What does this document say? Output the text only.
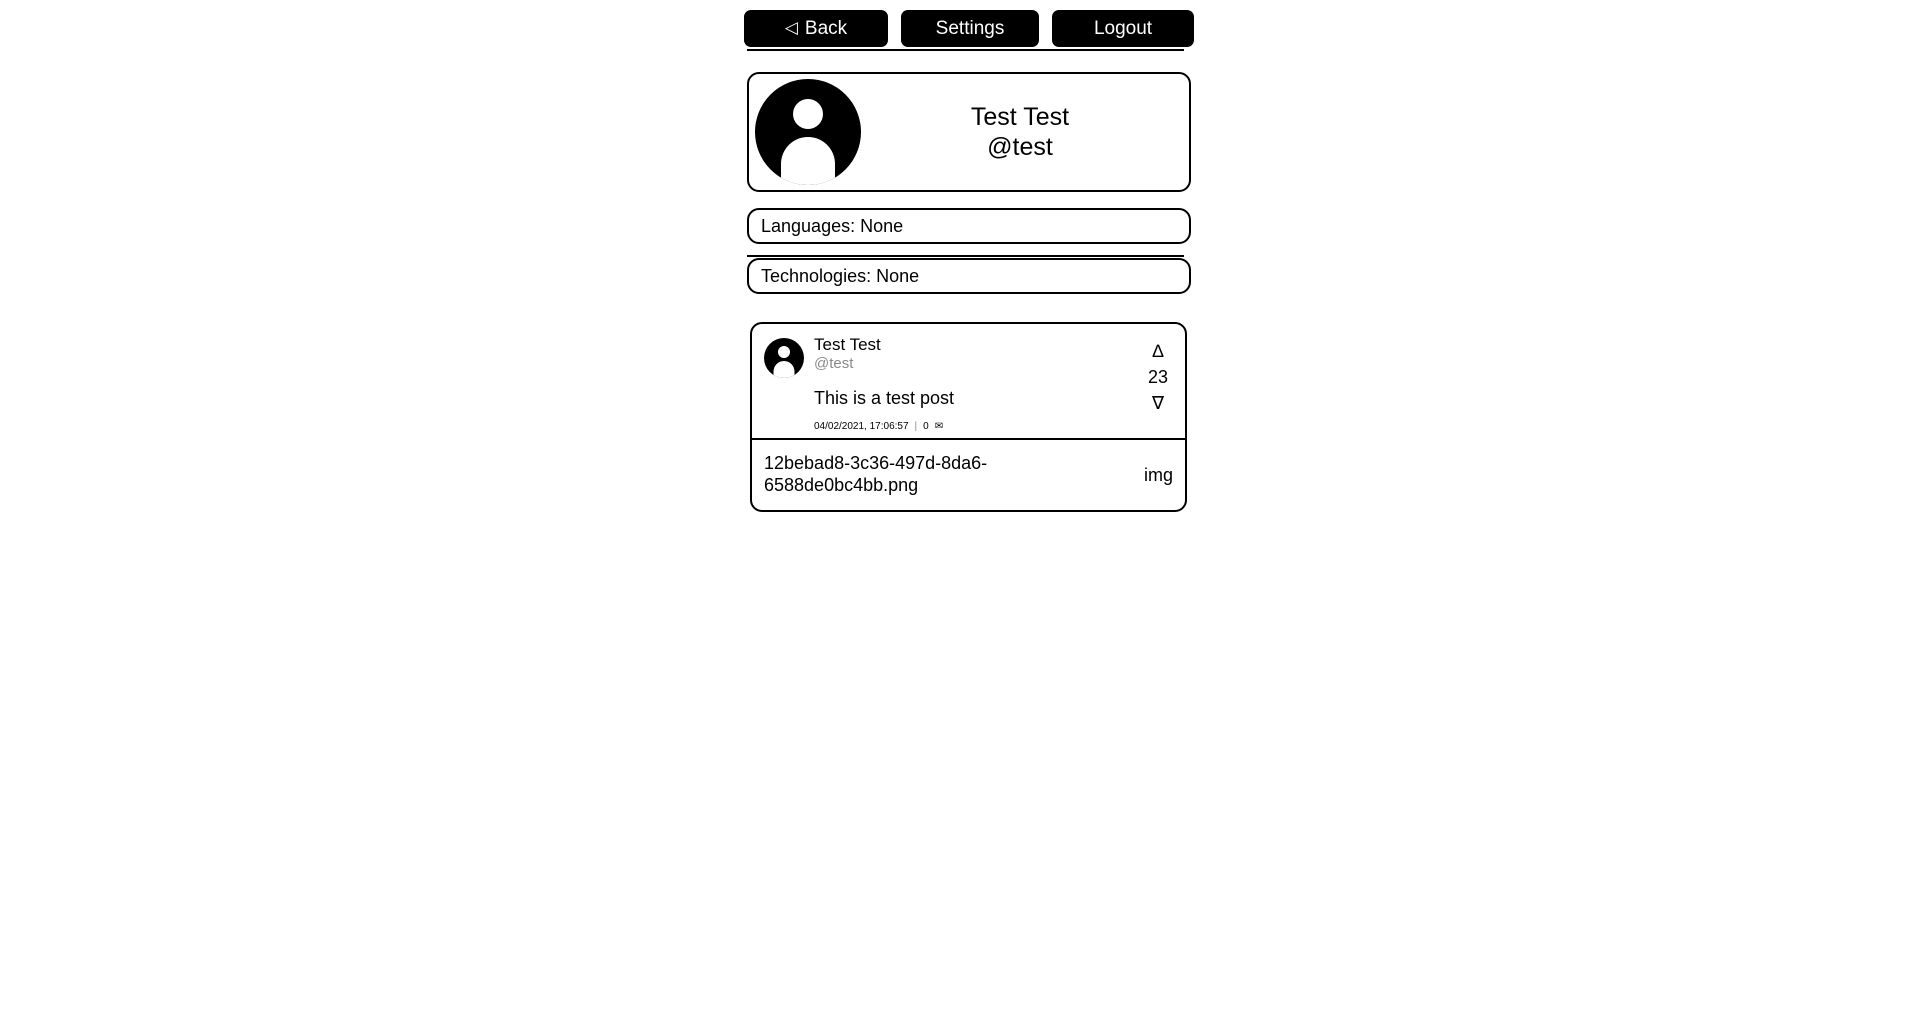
◁ Back	Settings	Logout
Test Test
@test
Languages: None
Technologies: None
Test Test
@test
This is a test post
04/02/2021, 17:06:57 | 0 ✉
∆
23
∇
12bebad8-3c36-497d-8da6-6588de0bc4bb.png
img
